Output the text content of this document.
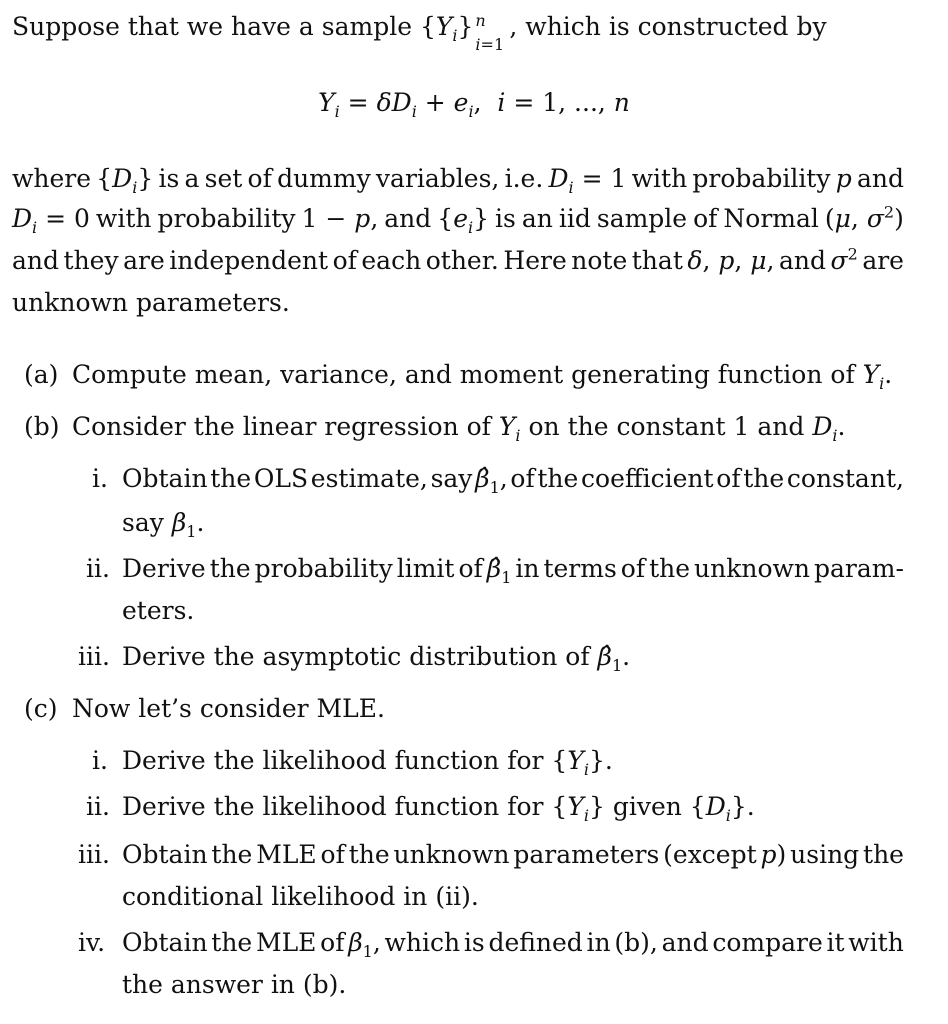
Suppose that we have a sample $\{Y_i\}$ n
i=1
, which is constructed by
$Y_i = \delta D_i + e_i$,  i = 1, ..., n
where $\{D_i\}$ is a set of dummy variables, i.e. $D_i = 1$ with probability p and
$D_i = 0$ with probability 1 − p, and $\{e_i\}$ is an iid sample of Normal (μ, $\sigma^2$)
and they are independent of each other. Here note that δ, p, μ, and $\sigma^2$ are
unknown parameters.
(a) Compute mean, variance, and moment generating function of $Y_i$.
(b) Consider the linear regression of $Y_i$ on the constant 1 and $D_i$.
i. Obtain the OLS estimate, say $\betâ_1$, of the coefficient of the constant,
say $\beta_1$.
ii. Derive the probability limit of $\betâ_1$ in terms of the unknown param-
eters.
iii. Derive the asymptotic distribution of $\betâ_1$.
(c) Now let’s consider MLE.
i. Derive the likelihood function for $\{Y_i\}$.
ii. Derive the likelihood function for $\{Y_i\}$ given $\{D_i\}$.
iii. Obtain the MLE of the unknown parameters (except p) using the
conditional likelihood in (ii).
iv. Obtain the MLE of $\beta_1$, which is defined in (b), and compare it with
the answer in (b).
